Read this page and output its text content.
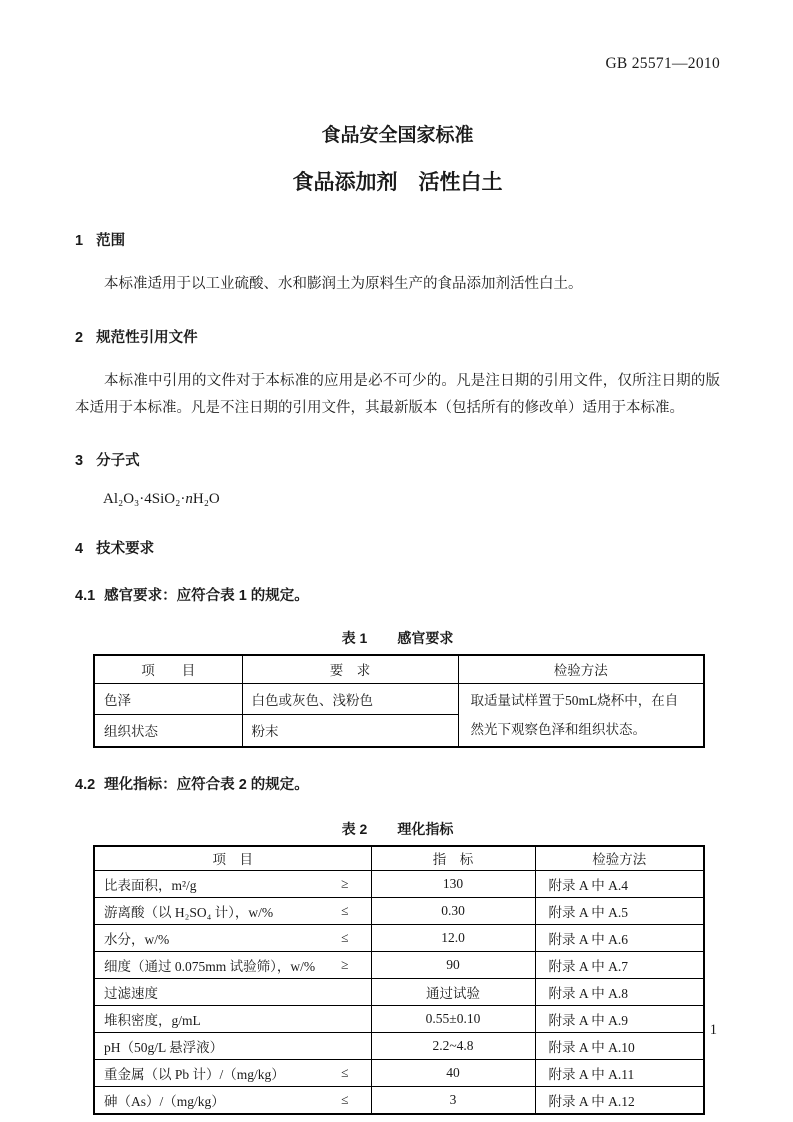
GB 25571—2010
食品安全国家标准
食品添加剂　活性白土
1 范围
本标准适用于以工业硫酸、水和膨润土为原料生产的食品添加剂活性白土。
2 规范性引用文件
本标准中引用的文件对于本标准的应用是必不可少的。凡是注日期的引用文件，仅所注日期的版本适用于本标准。凡是不注日期的引用文件，其最新版本（包括所有的修改单）适用于本标准。
3 分子式
Al₂O₃·4SiO₂·nH₂O
4 技术要求
4.1 感官要求：应符合表 1 的规定。
表 1 感官要求
项　　目	要　求	检验方法
色泽	白色或灰色、浅粉色	取适量试样置于50mL烧杯中，在自然光下观察色泽和组织状态。
组织状态	粉末	
4.2 理化指标：应符合表 2 的规定。
表 2 理化指标
项　目	指　标	检验方法

比表面积，m²/g ≥	130	附录 A 中 A.4

游离酸（以 H₂SO₄ 计），w/% ≤	0.30	附录 A 中 A.5

水分，w/% ≤	12.0	附录 A 中 A.6

细度（通过 0.075mm 试验筛），w/% ≥	90	附录 A 中 A.7

过滤速度	通过试验	附录 A 中 A.8

堆积密度，g/mL	0.55±0.10	附录 A 中 A.9

pH（50g/L 悬浮液）	2.2~4.8	附录 A 中 A.10

重金属（以 Pb 计）/（mg/kg） ≤	40	附录 A 中 A.11

砷（As）/（mg/kg） ≤	3	附录 A 中 A.12
1
